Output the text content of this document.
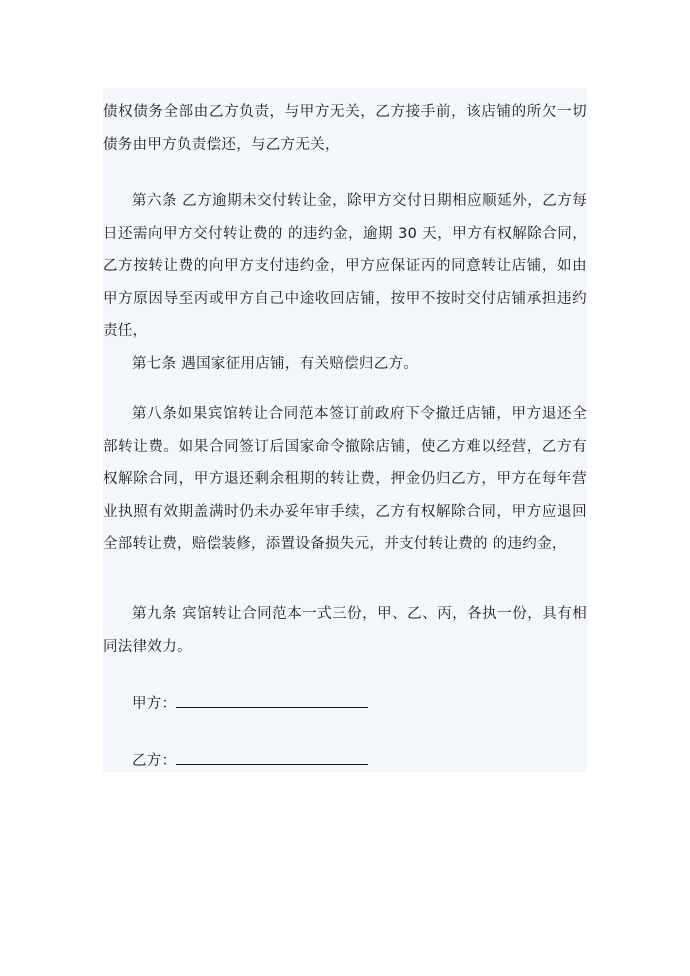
债权债务全部由乙方负责，与甲方无关，乙方接手前，该店铺的所欠一切债务由甲方负责偿还，与乙方无关，

第六条 乙方逾期未交付转让金，除甲方交付日期相应顺延外，乙方每日还需向甲方交付转让费的 的违约金，逾期 30 天，甲方有权解除合同，乙方按转让费的向甲方支付违约金，甲方应保证丙的同意转让店铺，如由甲方原因导至丙或甲方自己中途收回店铺，按甲不按时交付店铺承担违约责任，

第七条 遇国家征用店铺，有关赔偿归乙方。

第八条如果宾馆转让合同范本签订前政府下令撤迁店铺，甲方退还全部转让费。如果合同签订后国家命令撤除店铺，使乙方难以经营，乙方有权解除合同，甲方退还剩余租期的转让费，押金仍归乙方，甲方在每年营业执照有效期盖满时仍未办妥年审手续，乙方有权解除合同，甲方应退回全部转让费，赔偿装修，添置设备损失元，并支付转让费的 的违约金，

第九条 宾馆转让合同范本一式三份，甲、乙、丙，各执一份，具有相同法律效力。

甲方：
乙方：
